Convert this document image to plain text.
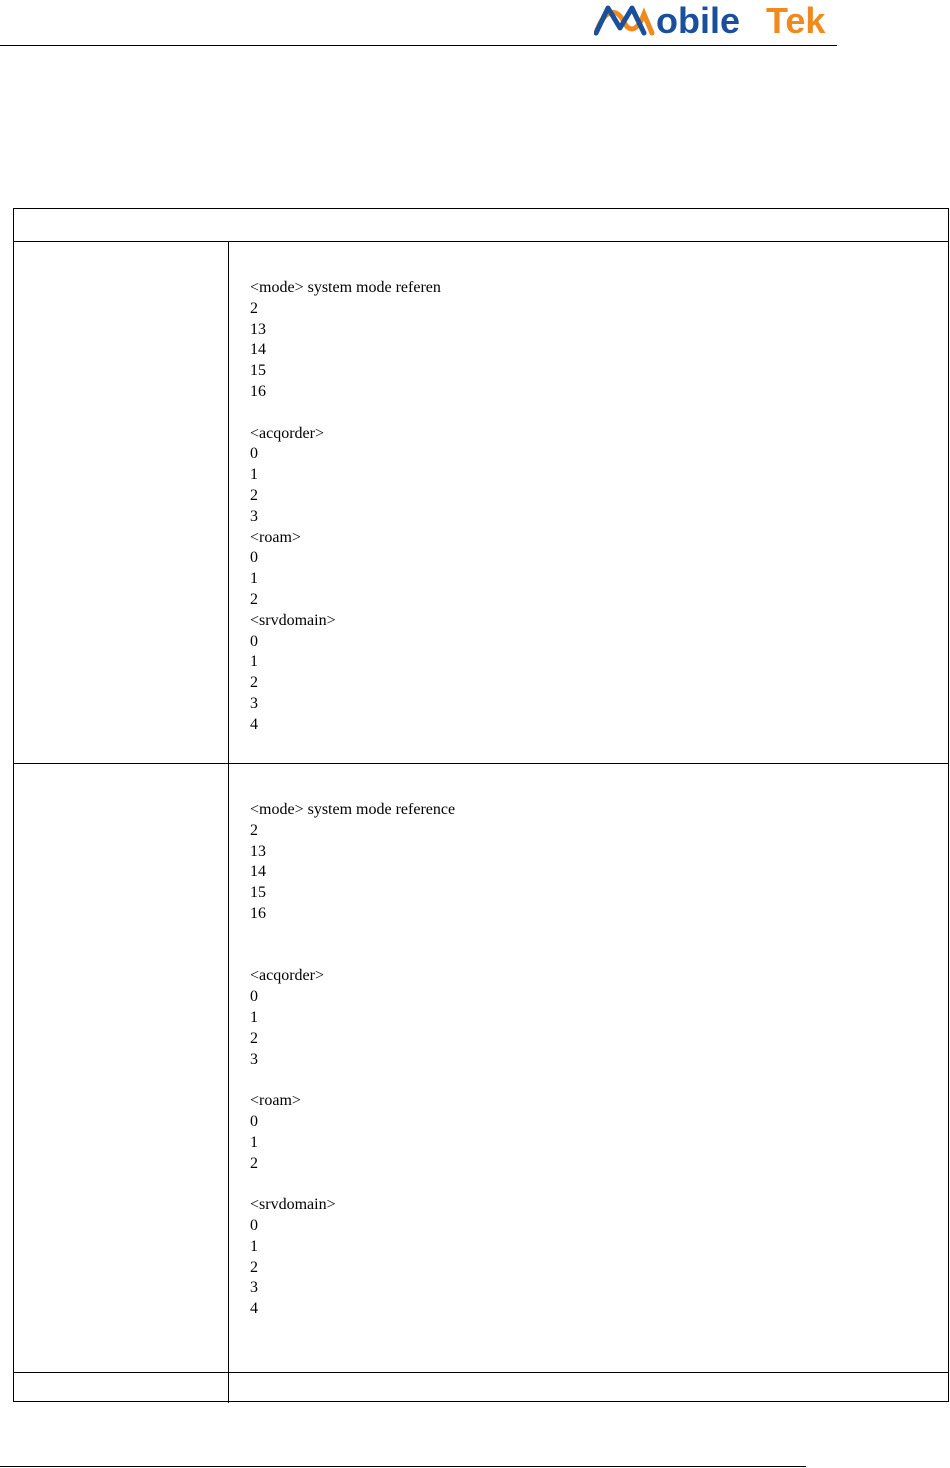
obile Tek
<mode> system mode referen
2
13
14
15
16
<acqorder>
0
1
2
3
<roam>
0
1
2
<srvdomain>
0
1
2
3
4
<mode> system mode reference
2
13
14
15
16
<acqorder>
0
1
2
3
<roam>
0
1
2
<srvdomain>
0
1
2
3
4
